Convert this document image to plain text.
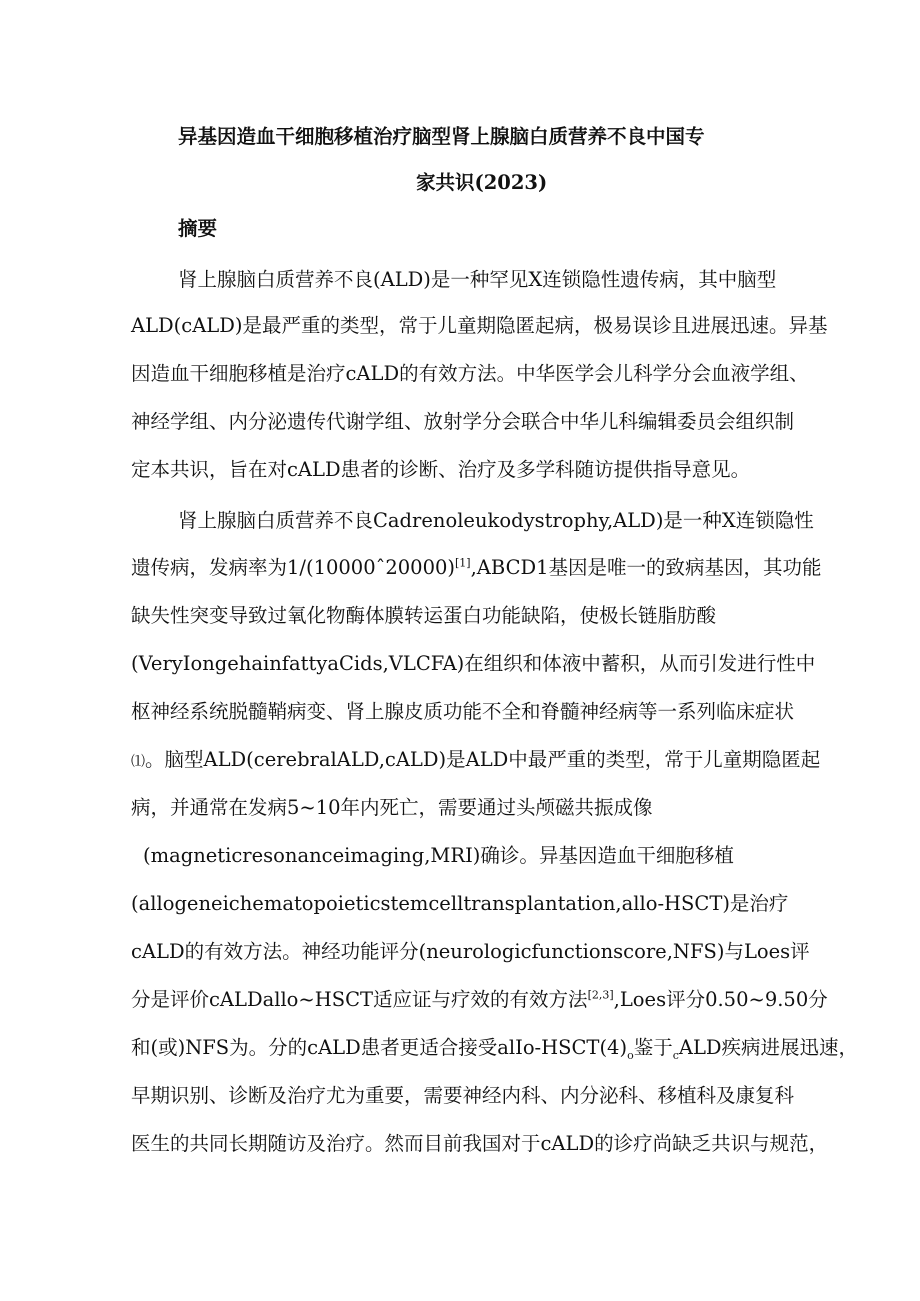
异基因造血干细胞移植治疗脑型肾上腺脑白质营养不良中国专
家共识(2023)
摘要
肾上腺脑白质营养不良(ALD)是一种罕见X连锁隐性遗传病，其中脑型
ALD(cALD)是最严重的类型，常于儿童期隐匿起病，极易误诊且进展迅速。异基
因造血干细胞移植是治疗cALD的有效方法。中华医学会儿科学分会血液学组、
神经学组、内分泌遗传代谢学组、放射学分会联合中华儿科编辑委员会组织制
定本共识，旨在对cALD患者的诊断、治疗及多学科随访提供指导意见。
肾上腺脑白质营养不良Cadrenoleukodystrophy,ALD)是一种X连锁隐性
遗传病，发病率为1/(10000ˆ20000)[1],ABCD1基因是唯一的致病基因，其功能
缺失性突变导致过氧化物酶体膜转运蛋白功能缺陷，使极长链脂肪酸
(VeryIongehainfattyaCids,VLCFA)在组织和体液中蓄积，从而引发进行性中
枢神经系统脱髓鞘病变、肾上腺皮质功能不全和脊髓神经病等一系列临床症状
⑴。脑型ALD(cerebralALD,cALD)是ALD中最严重的类型，常于儿童期隐匿起
病，并通常在发病5~10年内死亡，需要通过头颅磁共振成像
(magneticresonanceimaging,MRI)确诊。异基因造血干细胞移植
(allogeneichematopoieticstemcelltransplantation,allo-HSCT)是治疗
cALD的有效方法。神经功能评分(neurologicfunctionscore,NFS)与Loes评
分是评价cALDallo~HSCT适应证与疗效的有效方法[2,3],Loes评分0.50~9.50分
和(或)NFS为。分的cALD患者更适合接受alIo-$HSCT(4)_o$鉴于$_c$ALD疾病进展迅速，
早期识别、诊断及治疗尤为重要，需要神经内科、内分泌科、移植科及康复科
医生的共同长期随访及治疗。然而目前我国对于cALD的诊疗尚缺乏共识与规范，
